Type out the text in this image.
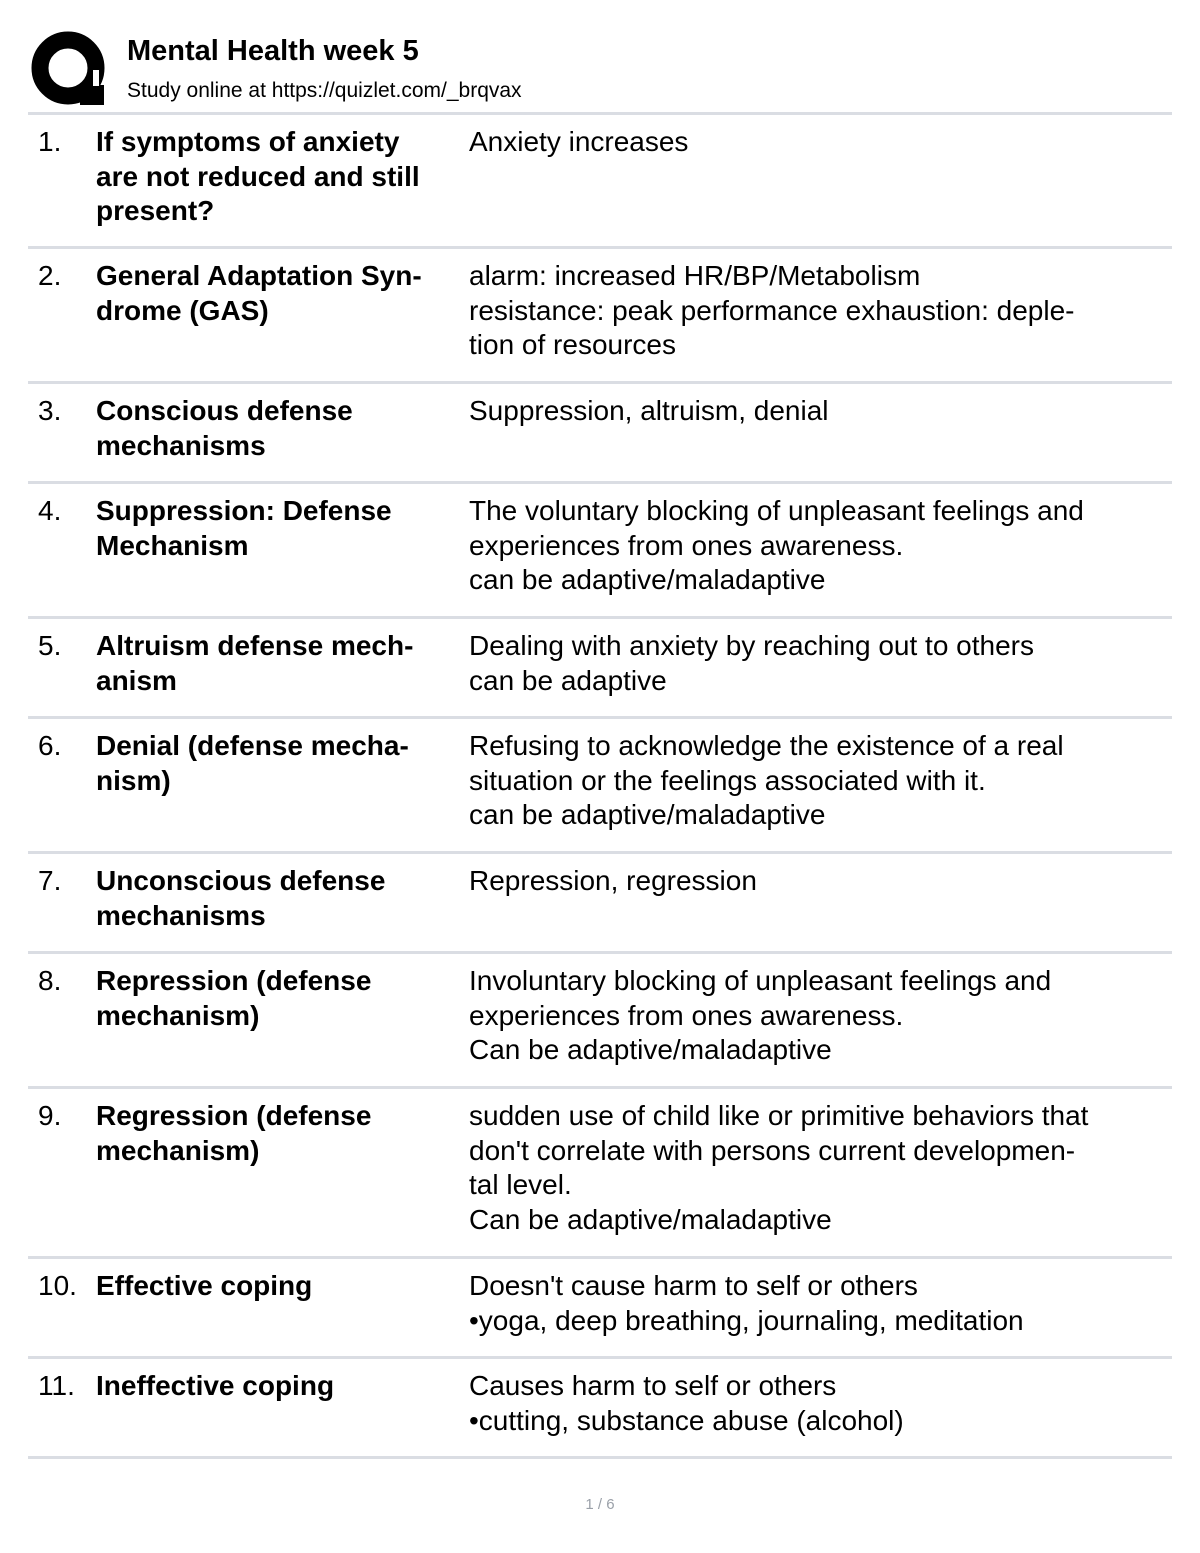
Mental Health week 5
Study online at https://quizlet.com/_brqvax
1. If symptoms of anxiety
are not reduced and still
present?
Anxiety increases
2. General Adaptation Syn-
drome (GAS)
alarm: increased HR/BP/Metabolism
resistance: peak performance exhaustion: deple-
tion of resources
3. Conscious defense
mechanisms
Suppression, altruism, denial
4. Suppression: Defense
Mechanism
The voluntary blocking of unpleasant feelings and
experiences from ones awareness.
can be adaptive/maladaptive
5. Altruism defense mech-
anism
Dealing with anxiety by reaching out to others
can be adaptive
6. Denial (defense mecha-
nism)
Refusing to acknowledge the existence of a real
situation or the feelings associated with it.
can be adaptive/maladaptive
7. Unconscious defense
mechanisms
Repression, regression
8. Repression (defense
mechanism)
Involuntary blocking of unpleasant feelings and
experiences from ones awareness.
Can be adaptive/maladaptive
9. Regression (defense
mechanism)
sudden use of child like or primitive behaviors that
don't correlate with persons current developmen-
tal level.
Can be adaptive/maladaptive
10. Effective coping	Doesn't cause harm to self or others
•yoga, deep breathing, journaling, meditation
11. Ineffective coping	Causes harm to self or others
•cutting, substance abuse (alcohol)
1 / 6
